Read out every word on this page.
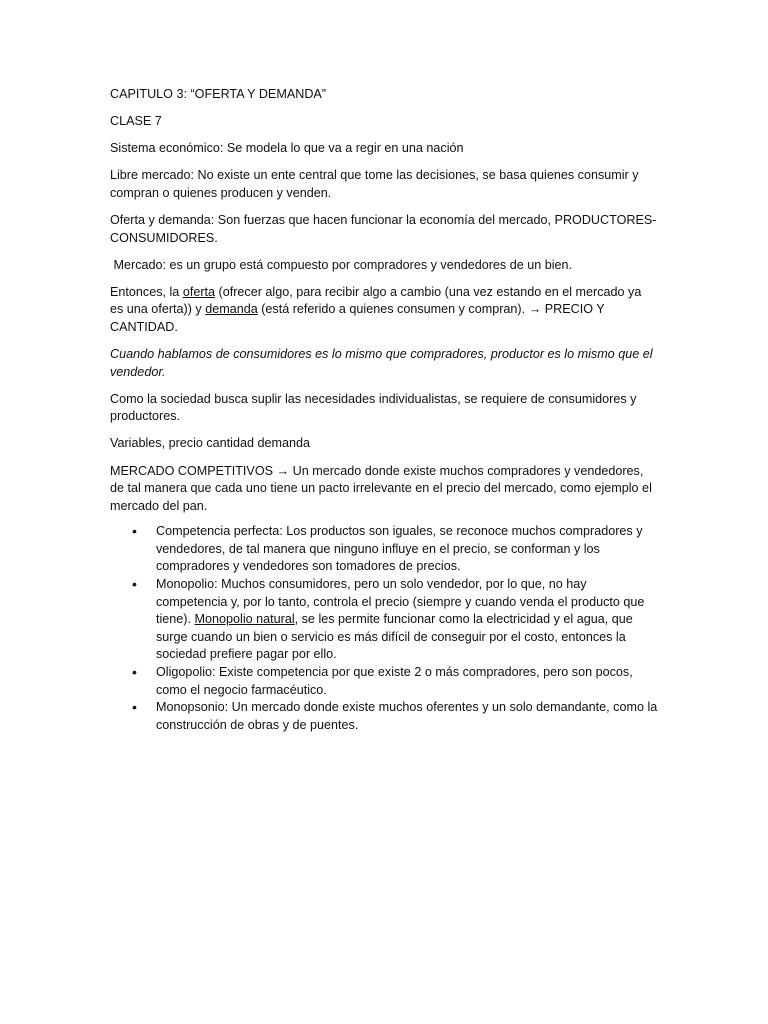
CAPITULO 3: “OFERTA Y DEMANDA”

CLASE 7

Sistema económico: Se modela lo que va a regir en una nación

Libre mercado: No existe un ente central que tome las decisiones, se basa quienes consumir y compran o quienes producen y venden.

Oferta y demanda: Son fuerzas que hacen funcionar la economía del mercado, PRODUCTORES-CONSUMIDORES.

Mercado: es un grupo está compuesto por compradores y vendedores de un bien.

Entonces, la oferta (ofrecer algo, para recibir algo a cambio (una vez estando en el mercado ya es una oferta)) y demanda (está referido a quienes consumen y compran). → PRECIO Y CANTIDAD.

Cuando hablamos de consumidores es lo mismo que compradores, productor es lo mismo que el vendedor.

Como la sociedad busca suplir las necesidades individualistas, se requiere de consumidores y productores.

Variables, precio cantidad demanda

MERCADO COMPETITIVOS → Un mercado donde existe muchos compradores y vendedores, de tal manera que cada uno tiene un pacto irrelevante en el precio del mercado, como ejemplo el mercado del pan.

• Competencia perfecta: Los productos son iguales, se reconoce muchos compradores y vendedores, de tal manera que ninguno influye en el precio, se conforman y los compradores y vendedores son tomadores de precios.
• Monopolio: Muchos consumidores, pero un solo vendedor, por lo que, no hay competencia y, por lo tanto, controla el precio (siempre y cuando venda el producto que tiene). Monopolio natural, se les permite funcionar como la electricidad y el agua, que surge cuando un bien o servicio es más difícil de conseguir por el costo, entonces la sociedad prefiere pagar por ello.
• Oligopolio: Existe competencia por que existe 2 o más compradores, pero son pocos, como el negocio farmacéutico.
• Monopsonio: Un mercado donde existe muchos oferentes y un solo demandante, como la construcción de obras y de puentes.
